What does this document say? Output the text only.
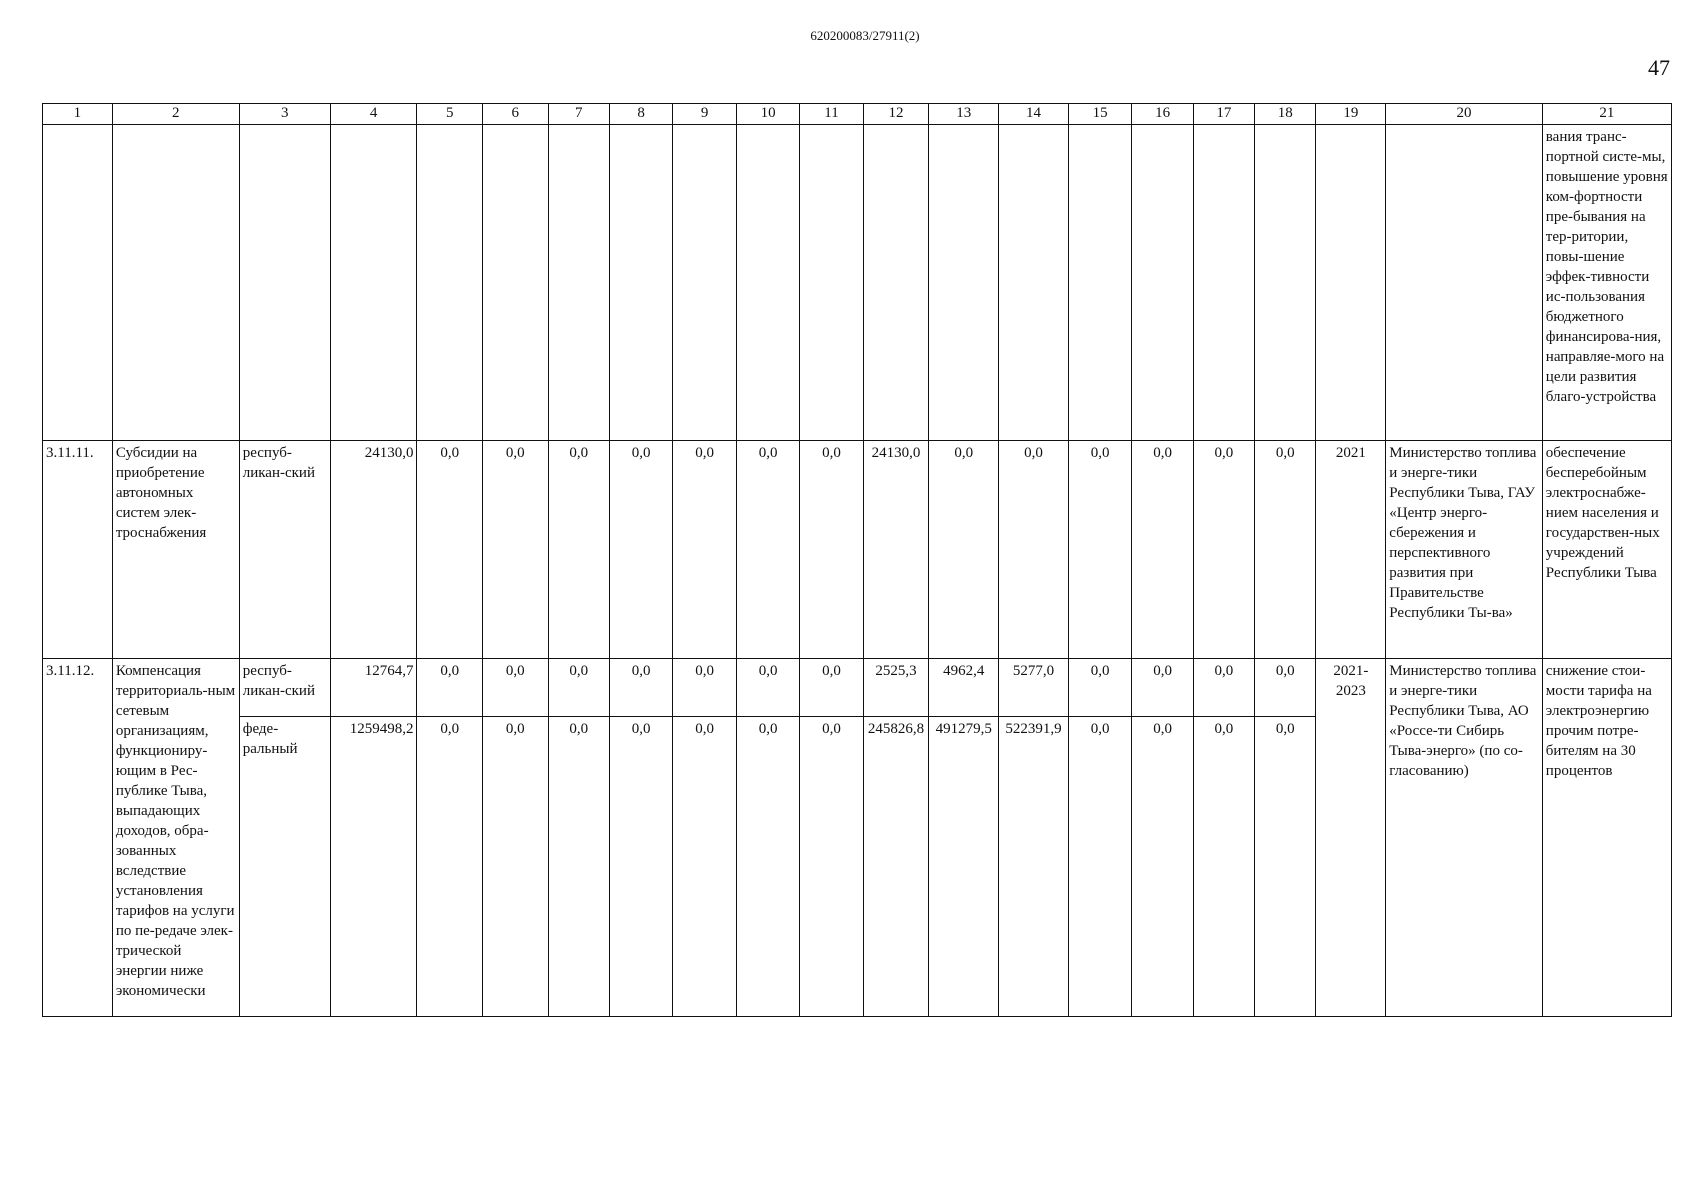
620200083/27911(2)
47
1	2	3	4	5	6	7	8	9	10	11	12	13	14	15	16	17	18	19	20	21
																				вания транс-портной систе-мы, повышение уровня ком-фортности пре-бывания на тер-ритории, повы-шение эффек-тивности ис-пользования бюджетного финансирова-ния, направляе-мого на цели развития благо-устройства
3.11.11.	Субсидии на приобретение автономных систем элек-троснабжения	респуб-ликан-ский	24130,0	0,0	0,0	0,0	0,0	0,0	0,0	0,0	24130,0	0,0	0,0	0,0	0,0	0,0	0,0	2021	Министерство топлива и энерге-тики Республики Тыва, ГАУ «Центр энерго-сбережения и перспективного развития при Правительстве Республики Ты-ва»	обеспечение бесперебойным электроснабже-нием населения и государствен-ных учреждений Республики Тыва
3.11.12.	Компенсация территориаль-ным сетевым организациям, функциониру-ющим в Рес-публике Тыва, выпадающих доходов, обра-зованных вследствие установления тарифов на услуги по пе-редаче элек-трической энергии ниже экономически	респуб-ликан-ский	12764,7	0,0	0,0	0,0	0,0	0,0	0,0	0,0	2525,3	4962,4	5277,0	0,0	0,0	0,0	0,0	2021-2023	Министерство топлива и энерге-тики Республики Тыва, АО «Россе-ти Сибирь Тыва-энерго» (по со-гласованию)	снижение стои-мости тарифа на электроэнергию прочим потре-бителям на 30 процентов
		феде-ральный	1259498,2	0,0	0,0	0,0	0,0	0,0	0,0	0,0	245826,8	491279,5	522391,9	0,0	0,0	0,0	0,0			
